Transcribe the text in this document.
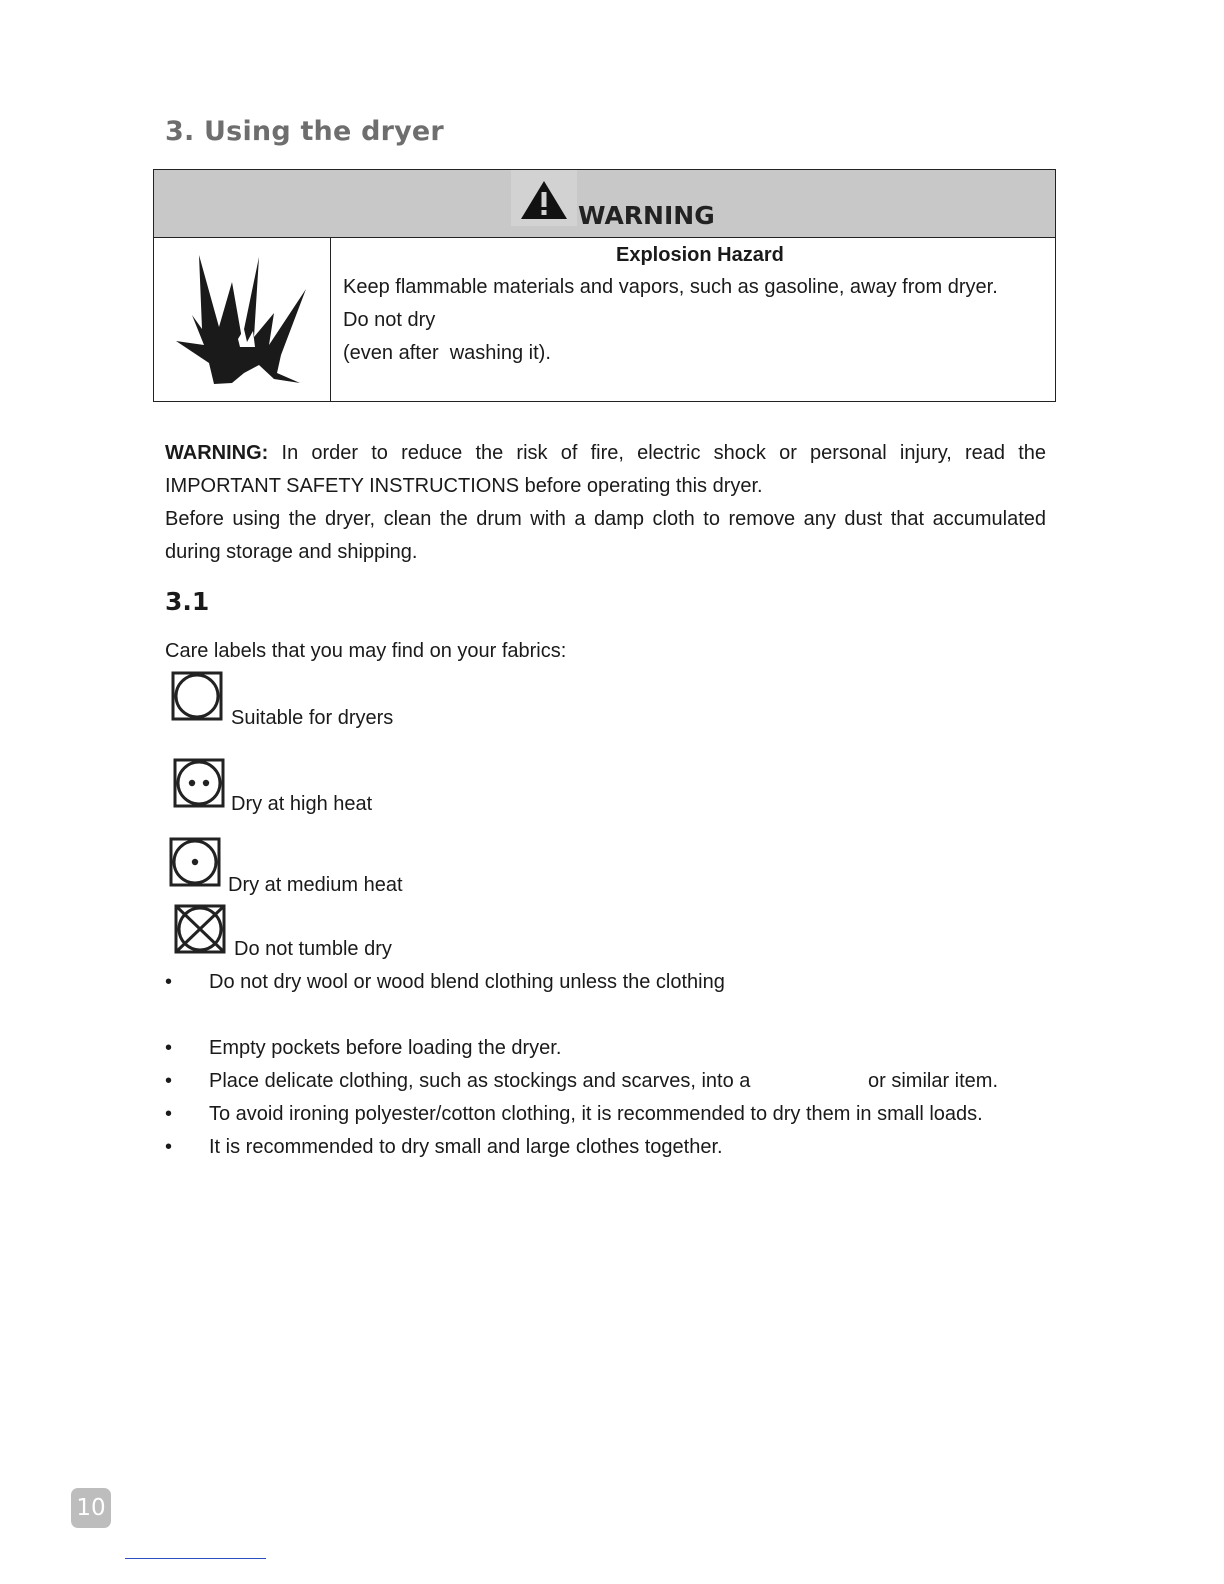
3. Using the dryer
WARNING
Explosion Hazard
Keep flammable materials and vapors, such as gasoline, away from dryer.
Do not dry
(even after  washing it).

WARNING: In order to reduce the risk of fire, electric shock or personal injury, read the

IMPORTANT SAFETY INSTRUCTIONS before operating this dryer.

Before using the dryer, clean the drum with a damp cloth to remove any dust that accumulated

during storage and shipping.

3.1

Care labels that you may find on your fabrics:

Suitable for dryers
Dry at high heat
Dry at medium heat
Do not tumble dry
• Do not dry wool or wood blend clothing unless the clothing
• Empty pockets before loading the dryer.
• Place delicate clothing, such as stockings and scarves, into a	or similar item.
• To avoid ironing polyester/cotton clothing, it is recommended to dry them in small loads.
• It is recommended to dry small and large clothes together.
10
